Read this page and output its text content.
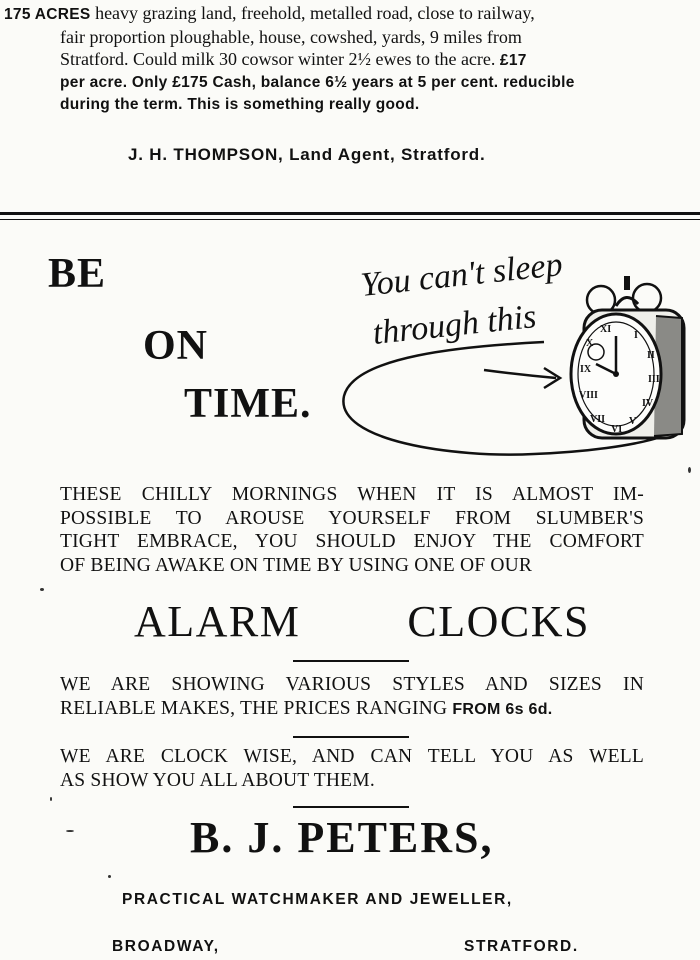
175 ACRES heavy grazing land, freehold, metalled road, close to railway,
fair proportion ploughable, house, cowshed, yards, 9 miles from
Stratford. Could milk 30 cowsor winter 2½ ewes to the acre. £17
per acre. Only £175 Cash, balance 6½ years at 5 per cent. reducible
during the term. This is something really good.

J. H. THOMPSON, Land Agent, Stratford.
BE
ON
TIME.
You can't sleep
through this	I
II
III
IV
V
VI
VII
VIII
IX
X
XI

THESE CHILLY MORNINGS WHEN IT IS ALMOST IM-
POSSIBLE TO AROUSE YOURSELF FROM SLUMBER'S
TIGHT EMBRACE, YOU SHOULD ENJOY THE COMFORT
OF BEING AWAKE ON TIME BY USING ONE OF OUR

ALARM CLOCKS

WE ARE SHOWING VARIOUS STYLES AND SIZES IN
RELIABLE MAKES, THE PRICES RANGING FROM 6s 6d.

WE ARE CLOCK WISE, AND CAN TELL YOU AS WELL
AS SHOW YOU ALL ABOUT THEM.

B. J. PETERS,

PRACTICAL WATCHMAKER AND JEWELLER,

BROADWAY,	STRATFORD.
